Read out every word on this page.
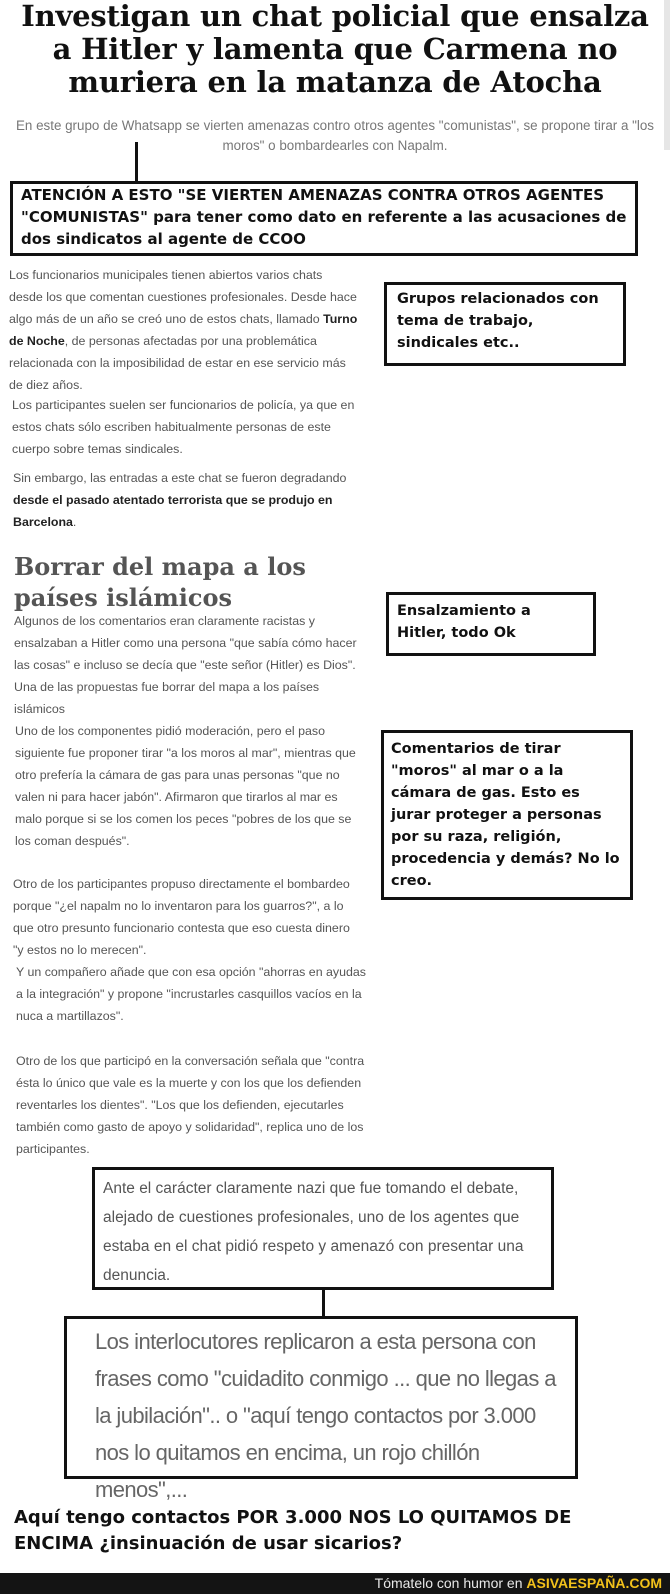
Investigan un chat policial que ensalza a Hitler y lamenta que Carmena no muriera en la matanza de Atocha
En este grupo de Whatsapp se vierten amenazas contro otros agentes "comunistas", se propone tirar a "los moros" o bombardearles con Napalm.
ATENCIÓN A ESTO "SE VIERTEN AMENAZAS CONTRA OTROS AGENTES "COMUNISTAS" para tener como dato en referente a las acusaciones de dos sindicatos al agente de CCOO
Los funcionarios municipales tienen abiertos varios chats desde los que comentan cuestiones profesionales. Desde hace algo más de un año se creó uno de estos chats, llamado Turno de Noche, de personas afectadas por una problemática relacionada con la imposibilidad de estar en ese servicio más de diez años.
Los participantes suelen ser funcionarios de policía, ya que en estos chats sólo escriben habitualmente personas de este cuerpo sobre temas sindicales.
Sin embargo, las entradas a este chat se fueron degradando desde el pasado atentado terrorista que se produjo en Barcelona.
Grupos relacionados con tema de trabajo, sindicales etc..
Borrar del mapa a los países islámicos
Algunos de los comentarios eran claramente racistas y ensalzaban a Hitler como una persona "que sabía cómo hacer las cosas" e incluso se decía que "este señor (Hitler) es Dios". Una de las propuestas fue borrar del mapa a los países islámicos
Uno de los componentes pidió moderación, pero el paso siguiente fue proponer tirar "a los moros al mar", mientras que otro prefería la cámara de gas para unas personas "que no valen ni para hacer jabón". Afirmaron que tirarlos al mar es malo porque si se los comen los peces "pobres de los que se los coman después".
Otro de los participantes propuso directamente el bombardeo porque "¿el napalm no lo inventaron para los guarros?", a lo que otro presunto funcionario contesta que eso cuesta dinero "y estos no lo merecen".
Y un compañero añade que con esa opción "ahorras en ayudas a la integración" y propone "incrustarles casquillos vacíos en la nuca a martillazos".
Otro de los que participó en la conversación señala que "contra ésta lo único que vale es la muerte y con los que los defienden reventarles los dientes". "Los que los defienden, ejecutarles también como gasto de apoyo y solidaridad", replica uno de los participantes.
Ensalzamiento a Hitler, todo Ok
Comentarios de tirar "moros" al mar o a la cámara de gas. Esto es jurar proteger a personas por su raza, religión, procedencia y demás? No lo creo.
Ante el carácter claramente nazi que fue tomando el debate, alejado de cuestiones profesionales, uno de los agentes que estaba en el chat pidió respeto y amenazó con presentar una denuncia.
Los interlocutores replicaron a esta persona con frases como "cuidadito conmigo ... que no llegas a la jubilación".. o "aquí tengo contactos por 3.000 nos lo quitamos en encima, un rojo chillón menos",...
Aquí tengo contactos POR 3.000 NOS LO QUITAMOS DE ENCIMA ¿insinuación de usar sicarios?
Tómatelo con humor en ASIVAESPAÑA.COM
